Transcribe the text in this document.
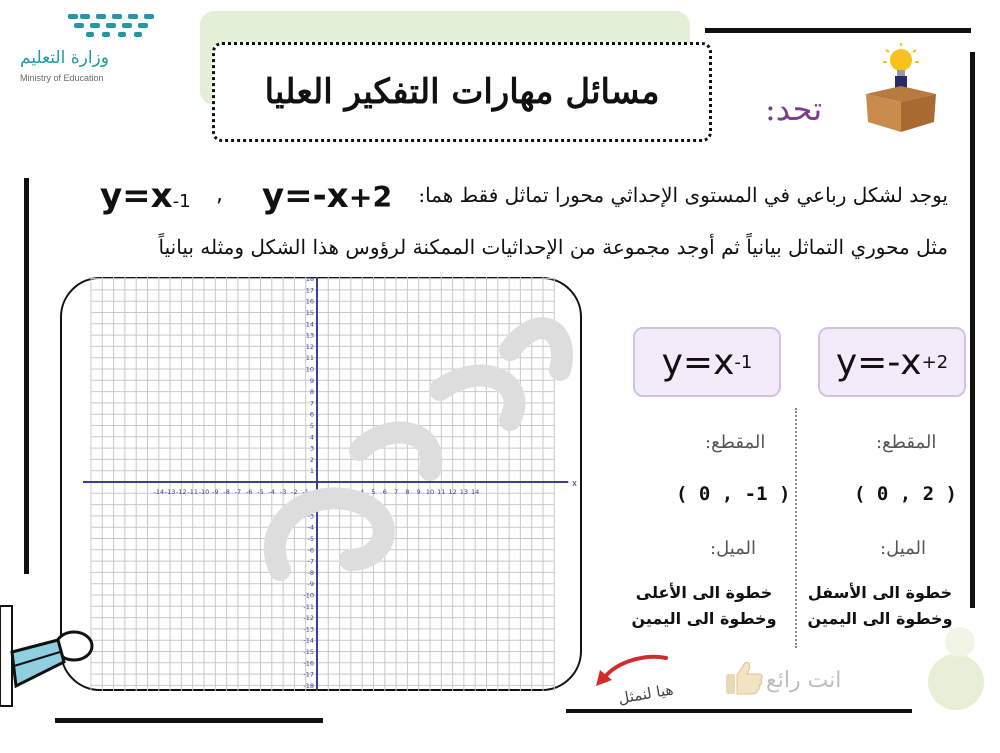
وزارة التعليم
Ministry of Education	مسائل مهارات التفكير العليا	تحد:
يوجد لشكل رباعي في المستوى الإحداثي محورا تماثل فقط هما:
مثل محوري التماثل بيانياً ثم أوجد مجموعة من الإحداثيات الممكنة لرؤوس هذا الشكل ومثله بيانياً
y=-x+2
,
y=x-1
x
-14 -13 -12 -11 -10 -9 -8 -7 -6 -5 -4 -3 -2 -1	1 2 3 4 5 6 7 8 9 10 11 12 13 14
18
17
16
15
14
13
12
11
10
9
8
7
6
5
4
3
2
1
-1
-2
-3
-4
-5
-6
-7
-8
-9
-10
-11
-12
-13
-14
-15
-16
-17
-18
y=-x +2
y=x -1
المقطع:
( 0 , 2 )
الميل:
خطوة الى الأسفل
وخطوة الى اليمين
المقطع:
( 0 , -1 )
الميل:
خطوة الى الأعلى
وخطوة الى اليمين
انت رائع
هيا لنمثل
